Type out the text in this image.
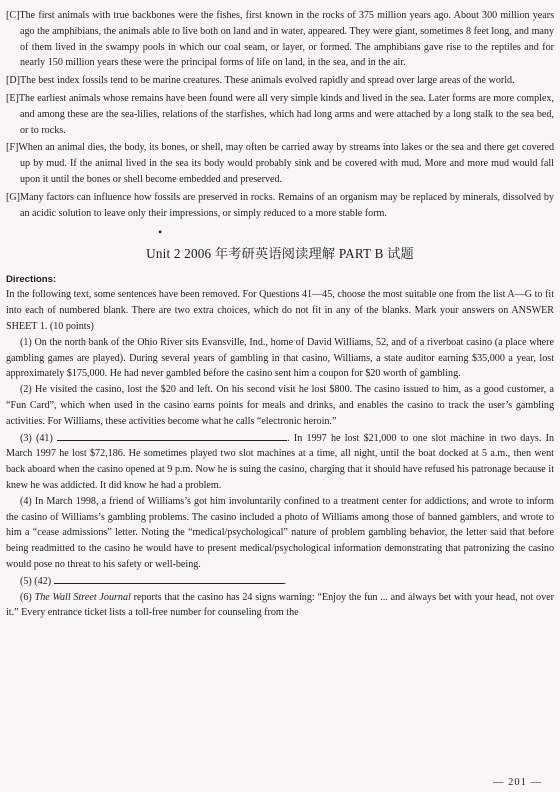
[C]The first animals with true backbones were the fishes, first known in the rocks of 375 million years ago. About 300 million years ago the amphibians, the animals able to live both on land and in water, appeared. They were giant, sometimes 8 feet long, and many of them lived in the swampy pools in which our coal seam, or layer, or formed. The amphibians gave rise to the reptiles and for nearly 150 million years these were the principal forms of life on land, in the sea, and in the air.

[D]The best index fossils tend to be marine creatures. These animals evolved rapidly and spread over large areas of the world.

[E]The earliest animals whose remains have been found were all very simple kinds and lived in the sea. Later forms are more complex, and among these are the sea-lilies, relations of the starfishes, which had long arms and were attached by a long stalk to the sea bed, or to rocks.

[F]When an animal dies, the body, its bones, or shell, may often be carried away by streams into lakes or the sea and there get covered up by mud. If the animal lived in the sea its body would probably sink and be covered with mud. More and more mud would fall upon it until the bones or shell become embedded and preserved.

[G]Many factors can influence how fossils are preserved in rocks. Remains of an organism may be replaced by minerals, dissolved by an acidic solution to leave only their impressions, or simply reduced to a more stable form.

•
Unit 2 2006 年考研英语阅读理解 PART B 试题
Directions:

In the following text, some sentences have been removed. For Questions 41—45, choose the most suitable one from the list A—G to fit into each of numbered blank. There are two extra choices, which do not fit in any of the blanks. Mark your answers on ANSWER SHEET 1. (10 points)

(1) On the north bank of the Ohio River sits Evansville, Ind., home of David Williams, 52, and of a riverboat casino (a place where gambling games are played). During several years of gambling in that casino, Williams, a state auditor earning $35,000 a year, lost approximately $175,000. He had never gambled before the casino sent him a coupon for $20 worth of gambling.

(2) He visited the casino, lost the $20 and left. On his second visit he lost $800. The casino issued to him, as a good customer, a “Fun Card”, which when used in the casino earns points for meals and drinks, and enables the casino to track the user’s gambling activities. For Williams, these activities become what he calls “electronic heroin.”

(3) (41)	. In 1997 he lost $21,000 to one slot machine in two days. In March 1997 he lost $72,186. He sometimes played two slot machines at a time, all night, until the boat docked at 5 a.m., then went back aboard when the casino opened at 9 p.m. Now he is suing the casino, charging that it should have refused his patronage because it knew he was addicted. It did know he had a problem.

(4) In March 1998, a friend of Williams’s got him involuntarily confined to a treatment center for addictions, and wrote to inform the casino of Williams’s gambling problems. The casino included a photo of Williams among those of banned gamblers, and wrote to him a “cease admissions” letter. Noting the “medical/psychological” nature of problem gambling behavior, the letter said that before being readmitted to the casino he would have to present medical/psychological information demonstrating that patronizing the casino would pose no threat to his safety or well-being.

(5) (42)	.

(6) The Wall Street Journal reports that the casino has 24 signs warning: “Enjoy the fun ... and always bet with your head, not over it.” Every entrance ticket lists a toll-free number for counseling from the

— 201 —
